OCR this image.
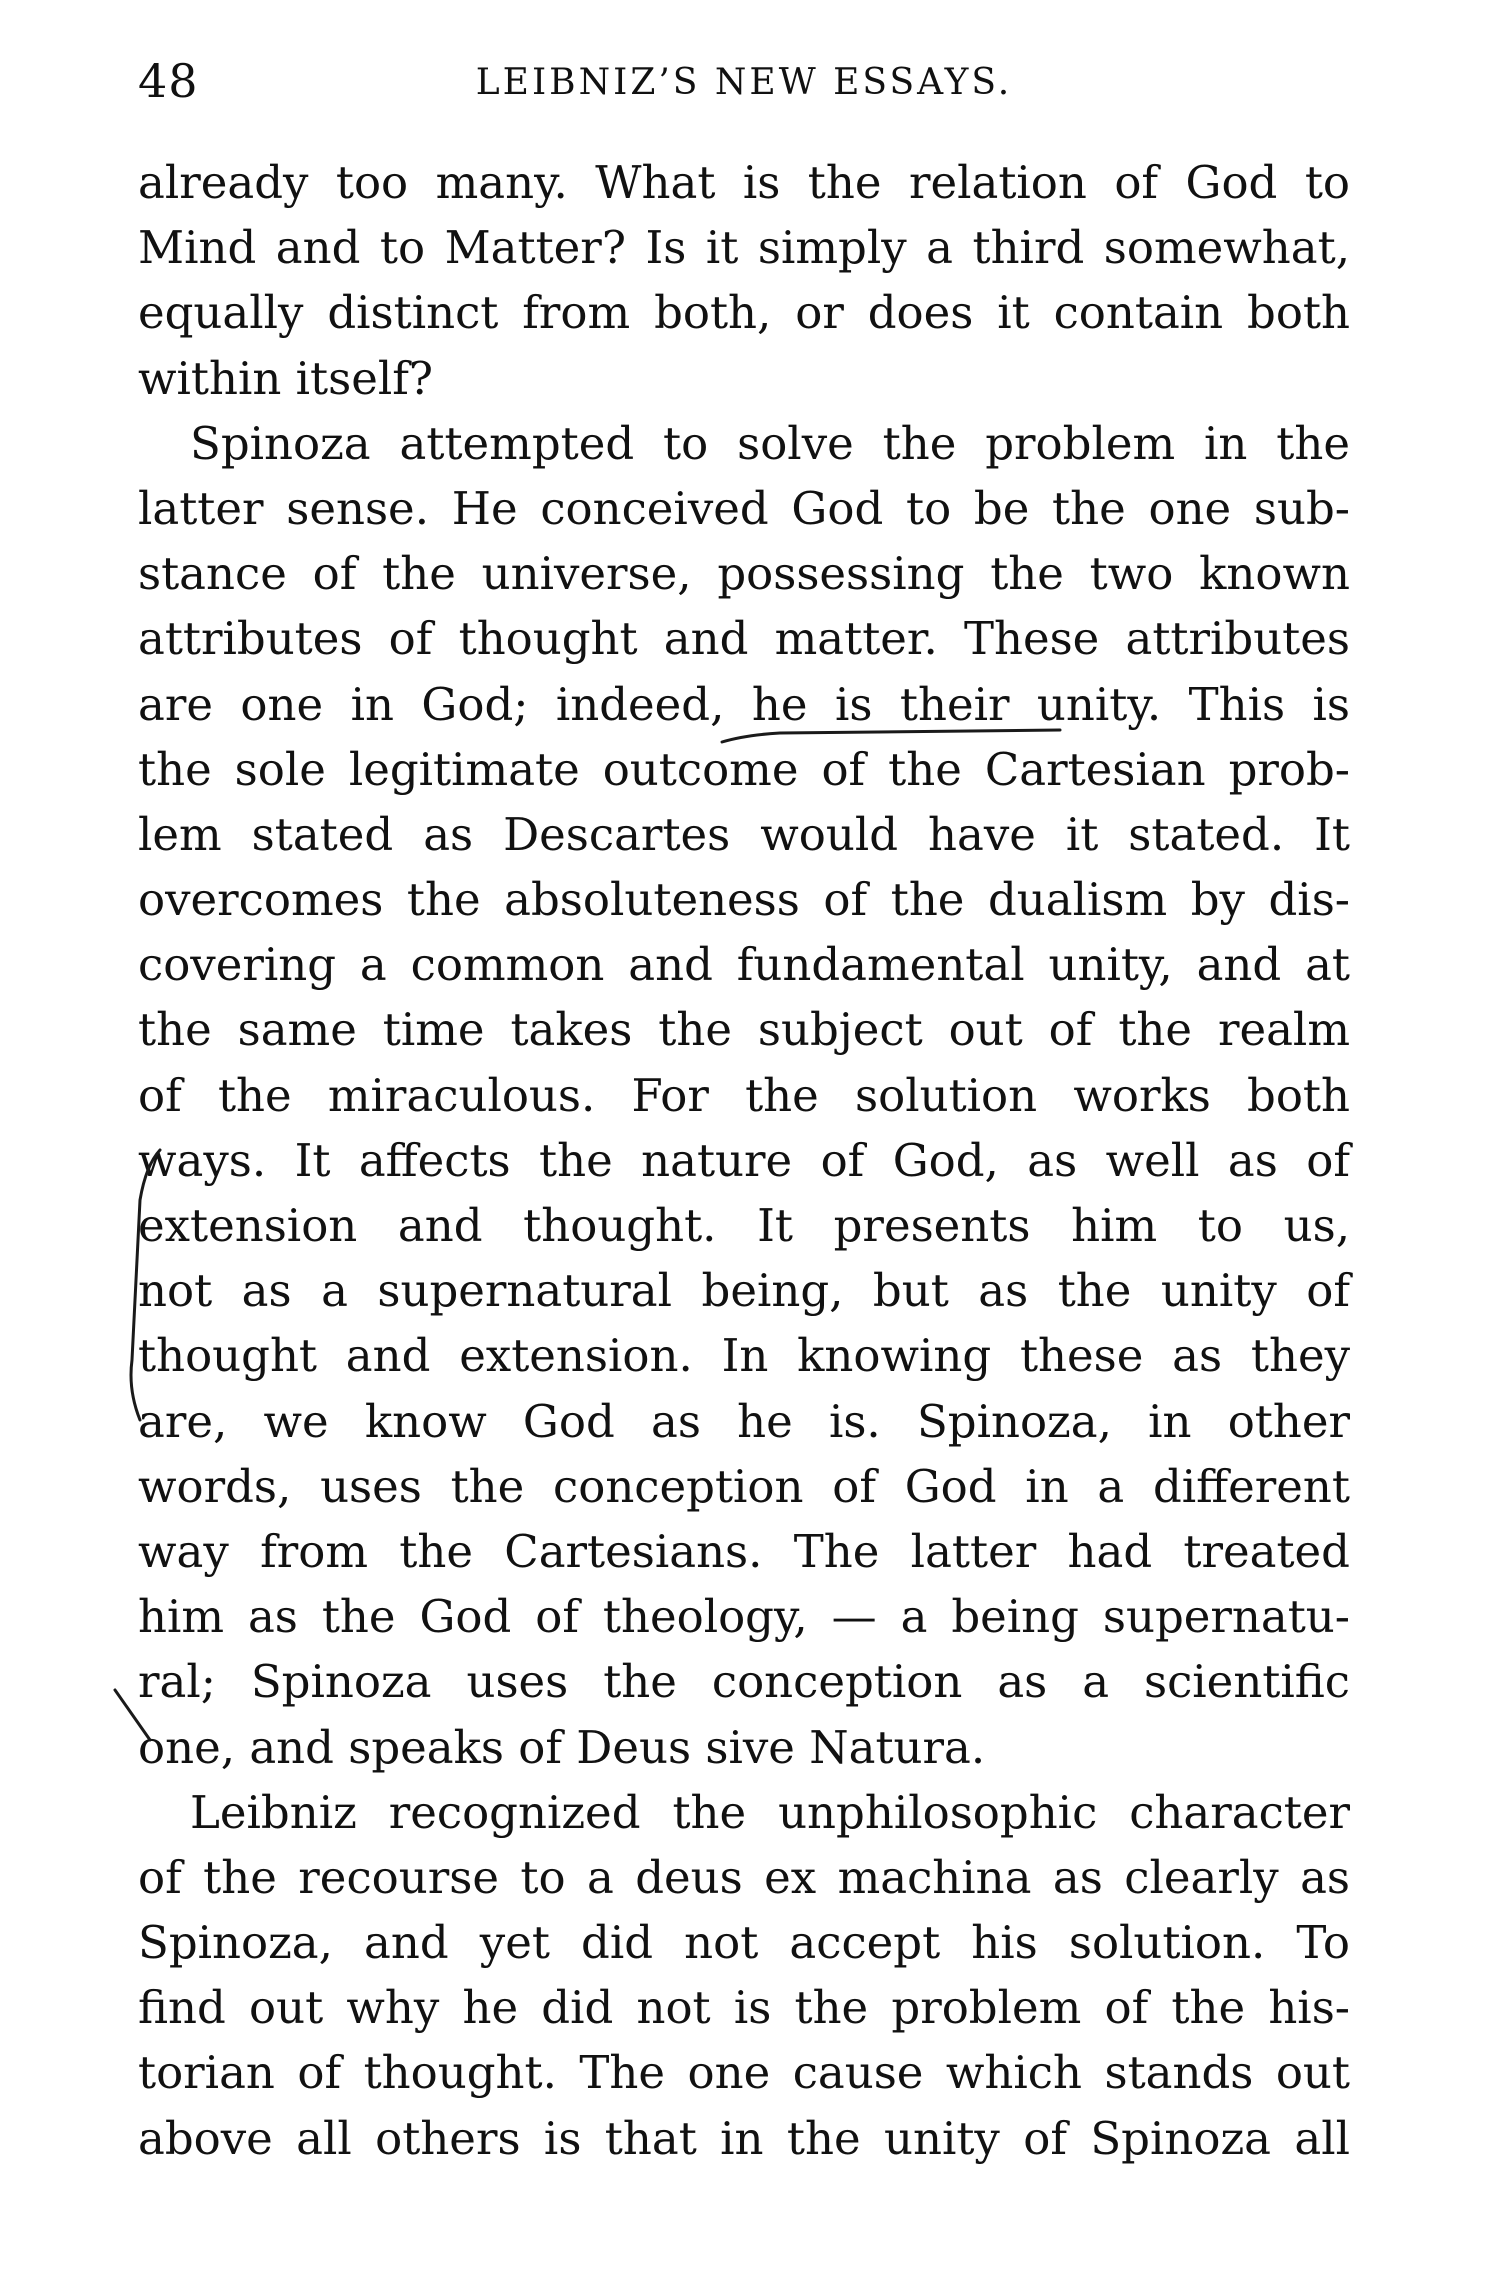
48	LEIBNIZ’S NEW ESSAYS.
already too many. What is the relation of God to
Mind and to Matter? Is it simply a third somewhat,
equally distinct from both, or does it contain both
within itself?
Spinoza attempted to solve the problem in the
latter sense. He conceived God to be the one sub-
stance of the universe, possessing the two known
attributes of thought and matter. These attributes
are one in God; indeed, he is their unity. This is
the sole legitimate outcome of the Cartesian prob-
lem stated as Descartes would have it stated. It
overcomes the absoluteness of the dualism by dis-
covering a common and fundamental unity, and at
the same time takes the subject out of the realm
of the miraculous. For the solution works both
ways. It affects the nature of God, as well as of
extension and thought. It presents him to us,
not as a supernatural being, but as the unity of
thought and extension. In knowing these as they
are, we know God as he is. Spinoza, in other
words, uses the conception of God in a different
way from the Cartesians. The latter had treated
him as the God of theology, — a being supernatu-
ral; Spinoza uses the conception as a scientific
one, and speaks of Deus sive Natura.
Leibniz recognized the unphilosophic character
of the recourse to a deus ex machina as clearly as
Spinoza, and yet did not accept his solution. To
find out why he did not is the problem of the his-
torian of thought. The one cause which stands out
above all others is that in the unity of Spinoza all
